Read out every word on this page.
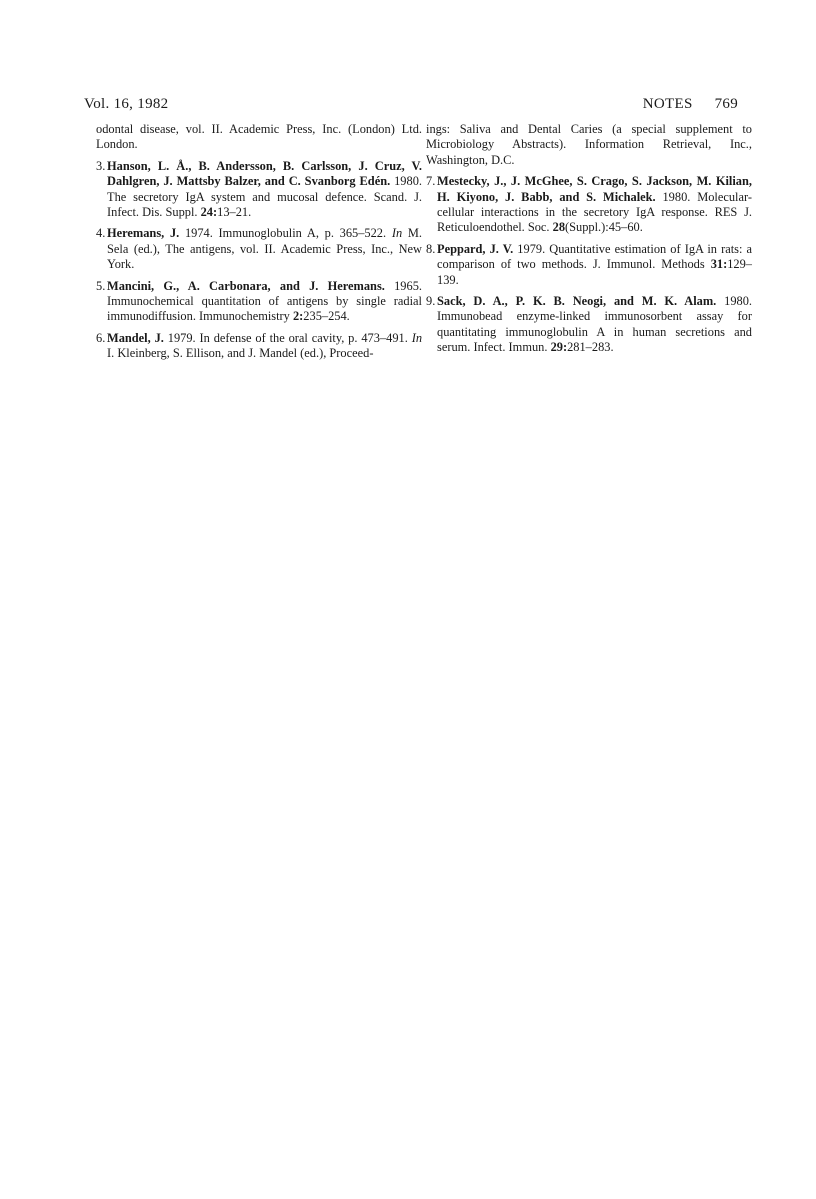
Vol. 16, 1982	NOTES 769

odontal disease, vol. II. Academic Press, Inc. (London) Ltd. London.

3. Hanson, L. Å., B. Andersson, B. Carlsson, J. Cruz, V. Dahlgren, J. Mattsby Balzer, and C. Svanborg Edén. 1980. The secretory IgA system and mucosal defence. Scand. J. Infect. Dis. Suppl. 24:13–21.

4. Heremans, J. 1974. Immunoglobulin A, p. 365–522. In M. Sela (ed.), The antigens, vol. II. Academic Press, Inc., New York.

5. Mancini, G., A. Carbonara, and J. Heremans. 1965. Immunochemical quantitation of antigens by single radial immunodiffusion. Immunochemistry 2:235–254.

6. Mandel, J. 1979. In defense of the oral cavity, p. 473–491. In I. Kleinberg, S. Ellison, and J. Mandel (ed.), Proceed-

ings: Saliva and Dental Caries (a special supplement to Microbiology Abstracts). Information Retrieval, Inc., Washington, D.C.

7. Mestecky, J., J. McGhee, S. Crago, S. Jackson, M. Kilian, H. Kiyono, J. Babb, and S. Michalek. 1980. Molecular-cellular interactions in the secretory IgA response. RES J. Reticuloendothel. Soc. 28(Suppl.):45–60.

8. Peppard, J. V. 1979. Quantitative estimation of IgA in rats: a comparison of two methods. J. Immunol. Methods 31:129–139.

9. Sack, D. A., P. K. B. Neogi, and M. K. Alam. 1980. Immunobead enzyme-linked immunosorbent assay for quantitating immunoglobulin A in human secretions and serum. Infect. Immun. 29:281–283.
